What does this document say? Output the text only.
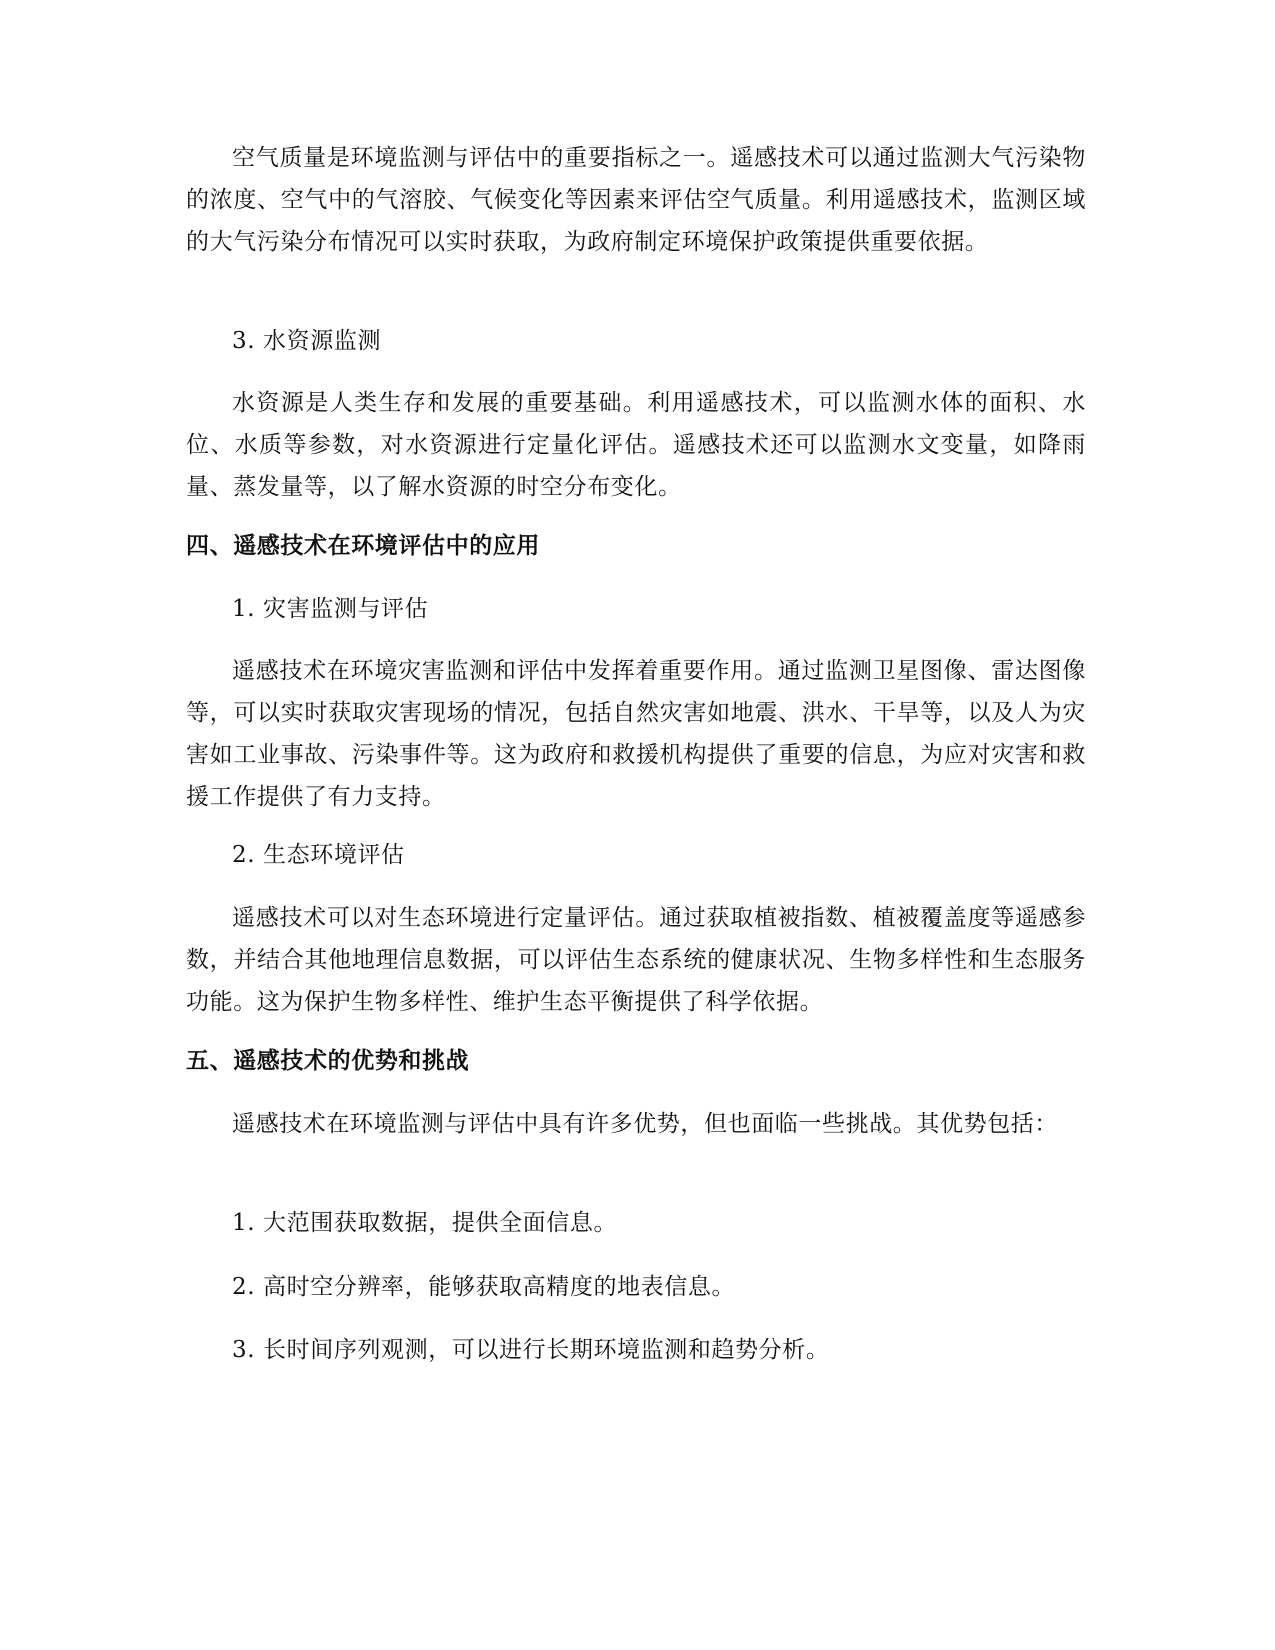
空气质量是环境监测与评估中的重要指标之一。遥感技术可以通过监测大气污染物的浓度、空气中的气溶胶、气候变化等因素来评估空气质量。利用遥感技术，监测区域的大气污染分布情况可以实时获取，为政府制定环境保护政策提供重要依据。

3. 水资源监测

水资源是人类生存和发展的重要基础。利用遥感技术，可以监测水体的面积、水位、水质等参数，对水资源进行定量化评估。遥感技术还可以监测水文变量，如降雨量、蒸发量等，以了解水资源的时空分布变化。

四、遥感技术在环境评估中的应用

1. 灾害监测与评估

遥感技术在环境灾害监测和评估中发挥着重要作用。通过监测卫星图像、雷达图像等，可以实时获取灾害现场的情况，包括自然灾害如地震、洪水、干旱等，以及人为灾害如工业事故、污染事件等。这为政府和救援机构提供了重要的信息，为应对灾害和救援工作提供了有力支持。

2. 生态环境评估

遥感技术可以对生态环境进行定量评估。通过获取植被指数、植被覆盖度等遥感参数，并结合其他地理信息数据，可以评估生态系统的健康状况、生物多样性和生态服务功能。这为保护生物多样性、维护生态平衡提供了科学依据。

五、遥感技术的优势和挑战

遥感技术在环境监测与评估中具有许多优势，但也面临一些挑战。其优势包括：

1. 大范围获取数据，提供全面信息。

2. 高时空分辨率，能够获取高精度的地表信息。

3. 长时间序列观测，可以进行长期环境监测和趋势分析。
